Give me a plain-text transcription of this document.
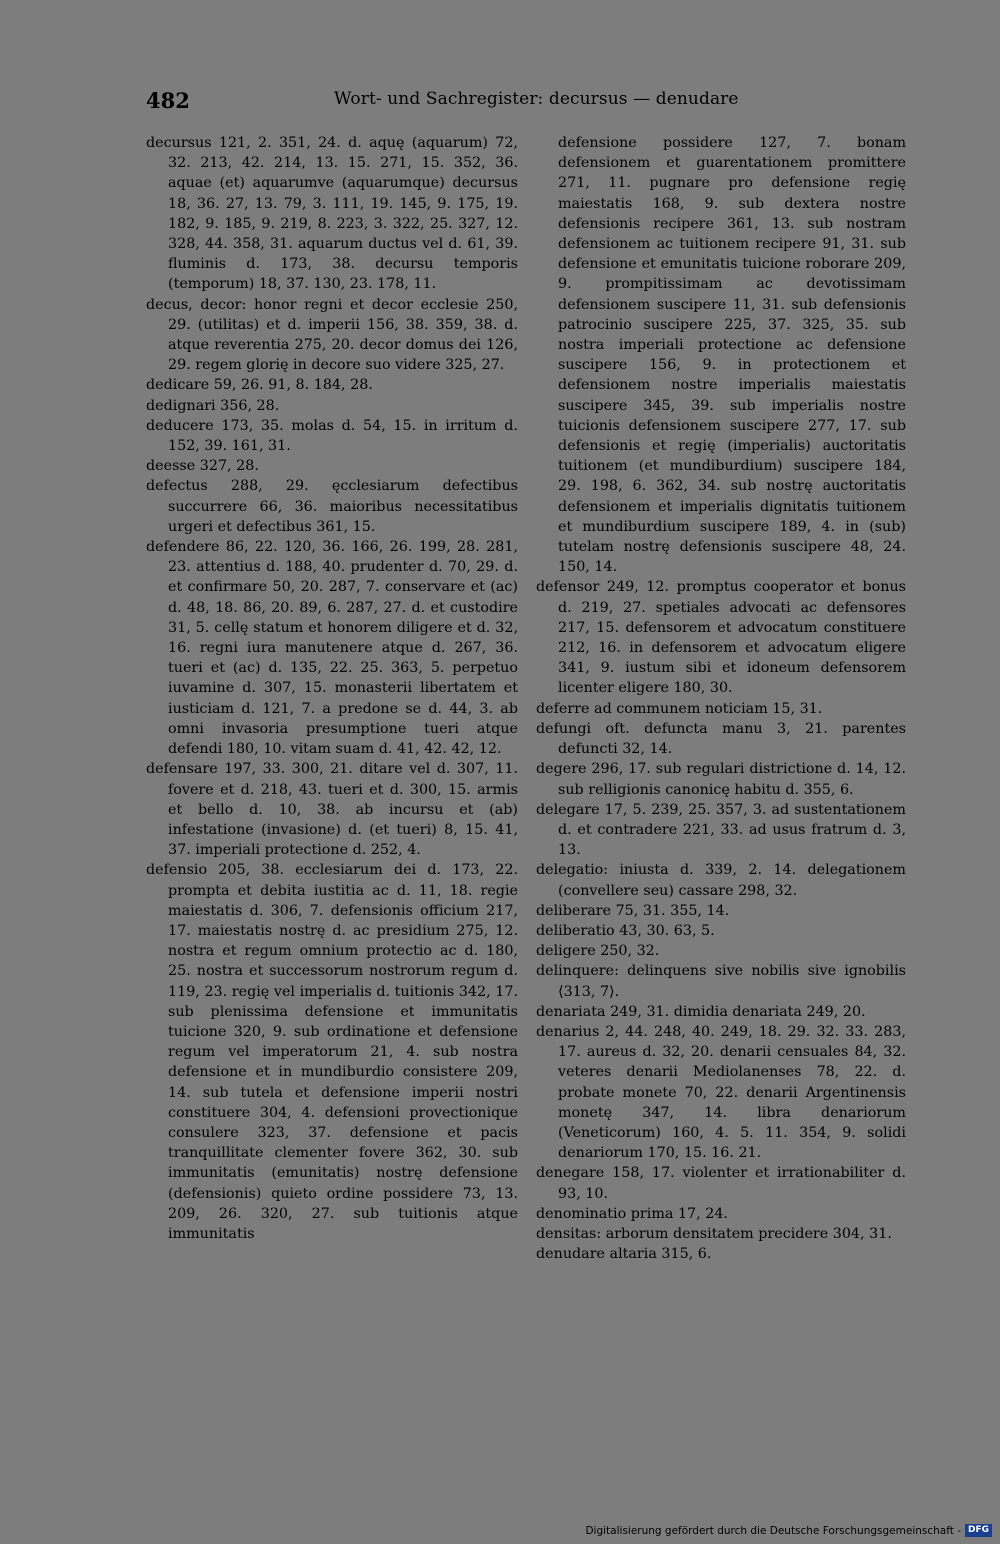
482	Wort- und Sachregister: decursus — denudare

decursus 121, 2. 351, 24. d. aquę (aquarum) 72, 32. 213, 42. 214, 13. 15. 271, 15. 352, 36. aquae (et) aquarumve (aquarumque) decursus 18, 36. 27, 13. 79, 3. 111, 19. 145, 9. 175, 19. 182, 9. 185, 9. 219, 8. 223, 3. 322, 25. 327, 12. 328, 44. 358, 31. aquarum ductus vel d. 61, 39. fluminis d. 173, 38. decursu temporis (temporum) 18, 37. 130, 23. 178, 11.

decus, decor: honor regni et decor ecclesie 250, 29. (utilitas) et d. imperii 156, 38. 359, 38. d. atque reverentia 275, 20. decor domus dei 126, 29. regem glorię in decore suo videre 325, 27.

dedicare 59, 26. 91, 8. 184, 28.

dedignari 356, 28.

deducere 173, 35. molas d. 54, 15. in irritum d. 152, 39. 161, 31.

deesse 327, 28.

defectus 288, 29. ęcclesiarum defectibus succurrere 66, 36. maioribus necessitatibus urgeri et defectibus 361, 15.

defendere 86, 22. 120, 36. 166, 26. 199, 28. 281, 23. attentius d. 188, 40. prudenter d. 70, 29. d. et confirmare 50, 20. 287, 7. conservare et (ac) d. 48, 18. 86, 20. 89, 6. 287, 27. d. et custodire 31, 5. cellę statum et honorem diligere et d. 32, 16. regni iura manutenere atque d. 267, 36. tueri et (ac) d. 135, 22. 25. 363, 5. perpetuo iuvamine d. 307, 15. monasterii libertatem et iusticiam d. 121, 7. a predone se d. 44, 3. ab omni invasoria presumptione tueri atque defendi 180, 10. vitam suam d. 41, 42. 42, 12.

defensare 197, 33. 300, 21. ditare vel d. 307, 11. fovere et d. 218, 43. tueri et d. 300, 15. armis et bello d. 10, 38. ab incursu et (ab) infestatione (invasione) d. (et tueri) 8, 15. 41, 37. imperiali protectione d. 252, 4.

defensio 205, 38. ecclesiarum dei d. 173, 22. prompta et debita iustitia ac d. 11, 18. regie maiestatis d. 306, 7. defensionis officium 217, 17. maiestatis nostrę d. ac presidium 275, 12. nostra et regum omnium protectio ac d. 180, 25. nostra et successorum nostrorum regum d. 119, 23. regię vel imperialis d. tuitionis 342, 17. sub plenissima defensione et immunitatis tuicione 320, 9. sub ordinatione et defensione regum vel imperatorum 21, 4. sub nostra defensione et in mundiburdio consistere 209, 14. sub tutela et defensione imperii nostri constituere 304, 4. defensioni provectionique consulere 323, 37. defensione et pacis tranquillitate clementer fovere 362, 30. sub immunitatis (emunitatis) nostrę defensione (defensionis) quieto ordine possidere 73, 13. 209, 26. 320, 27. sub tuitionis atque immunitatis

defensione possidere 127, 7. bonam defensionem et guarentationem promittere 271, 11. pugnare pro defensione regię maiestatis 168, 9. sub dextera nostre defensionis recipere 361, 13. sub nostram defensionem ac tuitionem recipere 91, 31. sub defensione et emunitatis tuicione roborare 209, 9. prompitissimam ac devotissimam defensionem suscipere 11, 31. sub defensionis patrocinio suscipere 225, 37. 325, 35. sub nostra imperiali protectione ac defensione suscipere 156, 9. in protectionem et defensionem nostre imperialis maiestatis suscipere 345, 39. sub imperialis nostre tuicionis defensionem suscipere 277, 17. sub defensionis et regię (imperialis) auctoritatis tuitionem (et mundiburdium) suscipere 184, 29. 198, 6. 362, 34. sub nostrę auctoritatis defensionem et imperialis dignitatis tuitionem et mundiburdium suscipere 189, 4. in (sub) tutelam nostrę defensionis suscipere 48, 24. 150, 14.

defensor 249, 12. promptus cooperator et bonus d. 219, 27. spetiales advocati ac defensores 217, 15. defensorem et advocatum constituere 212, 16. in defensorem et advocatum eligere 341, 9. iustum sibi et idoneum defensorem licenter eligere 180, 30.

deferre ad communem noticiam 15, 31.

defungi oft. defuncta manu 3, 21. parentes defuncti 32, 14.

degere 296, 17. sub regulari districtione d. 14, 12. sub relligionis canonicę habitu d. 355, 6.

delegare 17, 5. 239, 25. 357, 3. ad sustentationem d. et contradere 221, 33. ad usus fratrum d. 3, 13.

delegatio: iniusta d. 339, 2. 14. delegationem (convellere seu) cassare 298, 32.

deliberare 75, 31. 355, 14.

deliberatio 43, 30. 63, 5.

deligere 250, 32.

delinquere: delinquens sive nobilis sive ignobilis ⟨313, 7⟩.

denariata 249, 31. dimidia denariata 249, 20.

denarius 2, 44. 248, 40. 249, 18. 29. 32. 33. 283, 17. aureus d. 32, 20. denarii censuales 84, 32. veteres denarii Mediolanenses 78, 22. d. probate monete 70, 22. denarii Argentinensis monetę 347, 14. libra denariorum (Veneticorum) 160, 4. 5. 11. 354, 9. solidi denariorum 170, 15. 16. 21.

denegare 158, 17. violenter et irrationabiliter d. 93, 10.

denominatio prima 17, 24.

densitas: arborum densitatem precidere 304, 31.

denudare altaria 315, 6.

Digitalisierung gefördert durch die Deutsche Forschungsgemeinschaft - DFG
